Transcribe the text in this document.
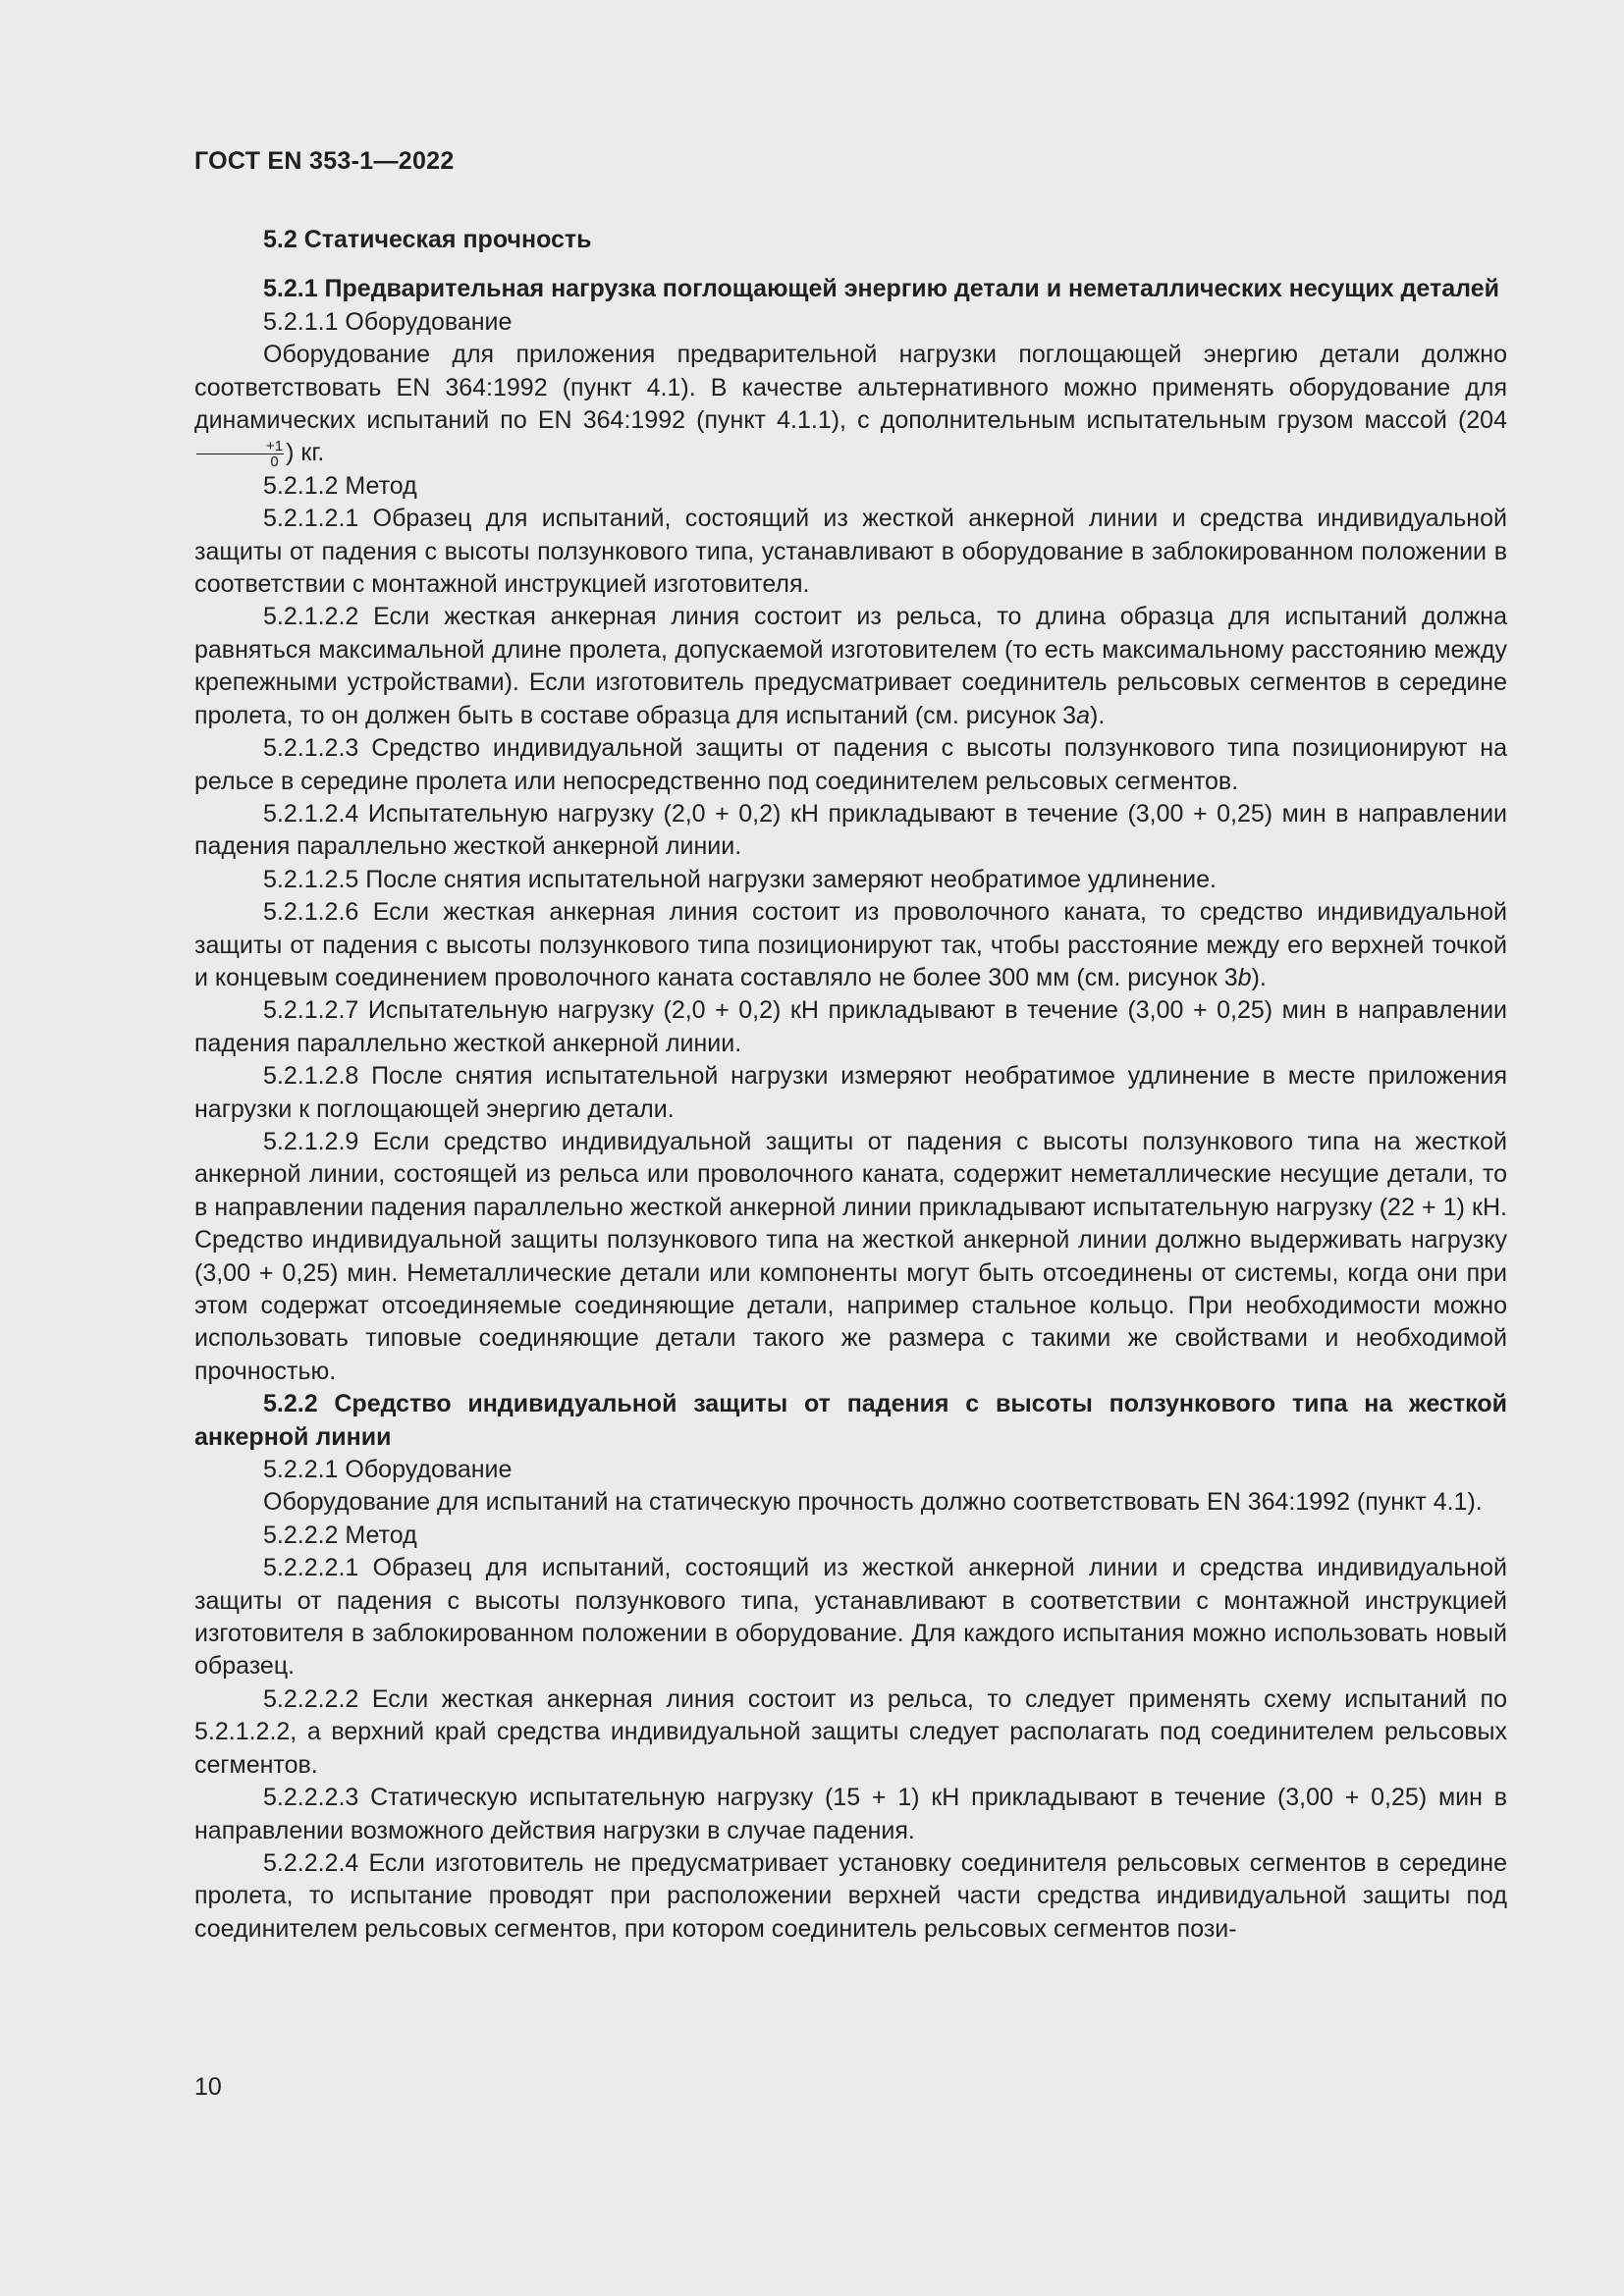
ГОСТ EN 353-1—2022

5.2 Статическая прочность

5.2.1 Предварительная нагрузка поглощающей энергию детали и неметаллических несущих деталей

5.2.1.1 Оборудование

Оборудование для приложения предварительной нагрузки поглощающей энергию детали должно соответствовать EN 364:1992 (пункт 4.1). В качестве альтернативного можно применять оборудование для динамических испытаний по EN 364:1992 (пункт 4.1.1), с дополнительным испытательным грузом массой (204
$\frac{+1}{0}$ ) кг.

5.2.1.2 Метод

5.2.1.2.1 Образец для испытаний, состоящий из жесткой анкерной линии и средства индивидуальной защиты от падения с высоты ползункового типа, устанавливают в оборудование в заблокированном положении в соответствии с монтажной инструкцией изготовителя.

5.2.1.2.2 Если жесткая анкерная линия состоит из рельса, то длина образца для испытаний должна равняться максимальной длине пролета, допускаемой изготовителем (то есть максимальному расстоянию между крепежными устройствами). Если изготовитель предусматривает соединитель рельсовых сегментов в середине пролета, то он должен быть в составе образца для испытаний (см. рисунок 3a).

5.2.1.2.3 Средство индивидуальной защиты от падения с высоты ползункового типа позиционируют на рельсе в середине пролета или непосредственно под соединителем рельсовых сегментов.

5.2.1.2.4 Испытательную нагрузку (2,0 + 0,2) кН прикладывают в течение (3,00 + 0,25) мин в направлении падения параллельно жесткой анкерной линии.

5.2.1.2.5 После снятия испытательной нагрузки замеряют необратимое удлинение.

5.2.1.2.6 Если жесткая анкерная линия состоит из проволочного каната, то средство индивидуальной защиты от падения с высоты ползункового типа позиционируют так, чтобы расстояние между его верхней точкой и концевым соединением проволочного каната составляло не более 300 мм (см. рисунок 3b).

5.2.1.2.7 Испытательную нагрузку (2,0 + 0,2) кН прикладывают в течение (3,00 + 0,25) мин в направлении падения параллельно жесткой анкерной линии.

5.2.1.2.8 После снятия испытательной нагрузки измеряют необратимое удлинение в месте приложения нагрузки к поглощающей энергию детали.

5.2.1.2.9 Если средство индивидуальной защиты от падения с высоты ползункового типа на жесткой анкерной линии, состоящей из рельса или проволочного каната, содержит неметаллические несущие детали, то в направлении падения параллельно жесткой анкерной линии прикладывают испытательную нагрузку (22 + 1) кН. Средство индивидуальной защиты ползункового типа на жесткой анкерной линии должно выдерживать нагрузку (3,00 + 0,25) мин. Неметаллические детали или компоненты могут быть отсоединены от системы, когда они при этом содержат отсоединяемые соединяющие детали, например стальное кольцо. При необходимости можно использовать типовые соединяющие детали такого же размера с такими же свойствами и необходимой прочностью.

5.2.2 Средство индивидуальной защиты от падения с высоты ползункового типа на жесткой анкерной линии

5.2.2.1 Оборудование

Оборудование для испытаний на статическую прочность должно соответствовать EN 364:1992 (пункт 4.1).

5.2.2.2 Метод

5.2.2.2.1 Образец для испытаний, состоящий из жесткой анкерной линии и средства индивидуальной защиты от падения с высоты ползункового типа, устанавливают в соответствии с монтажной инструкцией изготовителя в заблокированном положении в оборудование. Для каждого испытания можно использовать новый образец.

5.2.2.2.2 Если жесткая анкерная линия состоит из рельса, то следует применять схему испытаний по 5.2.1.2.2, а верхний край средства индивидуальной защиты следует располагать под соединителем рельсовых сегментов.

5.2.2.2.3 Статическую испытательную нагрузку (15 + 1) кН прикладывают в течение (3,00 + 0,25) мин в направлении возможного действия нагрузки в случае падения.

5.2.2.2.4 Если изготовитель не предусматривает установку соединителя рельсовых сегментов в середине пролета, то испытание проводят при расположении верхней части средства индивидуальной защиты под соединителем рельсовых сегментов, при котором соединитель рельсовых сегментов пози-

10
